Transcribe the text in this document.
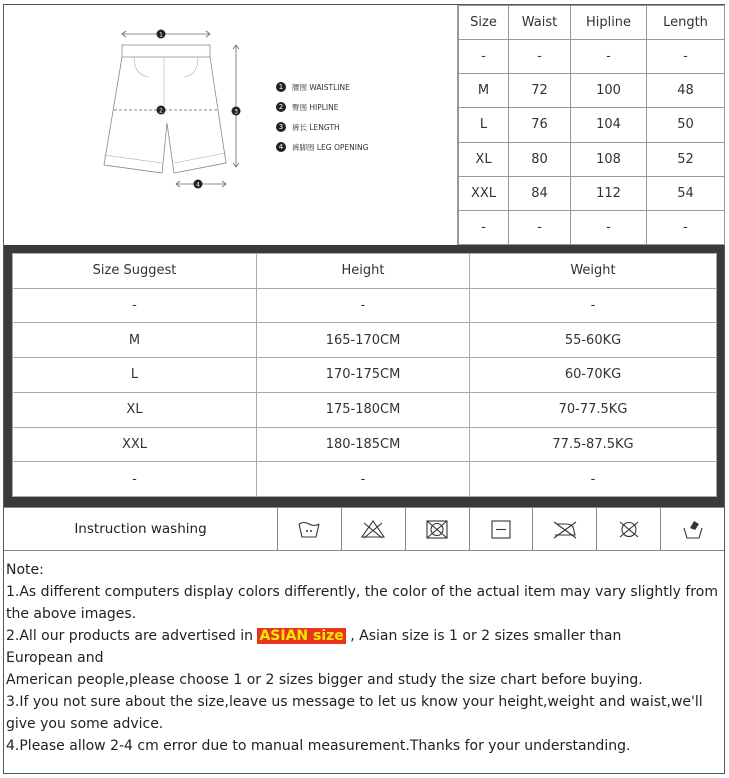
1
2	3
4
1	腰围 WAISTLINE
2	臀围 HIPLINE
3	裤长 LENGTH
4	裤脚围 LEG OPENING
Size	Waist	Hipline	Length
-	-	-	-
M	72	100	48
L	76	104	50
XL	80	108	52
XXL	84	112	54
-	-	-	-
Size Suggest	Height	Weight
-	-	-
M	165-170CM	55-60KG
L	170-175CM	60-70KG
XL	175-180CM	70-77.5KG
XXL	180-185CM	77.5-87.5KG
-	-	-
Instruction washing

Note:

1.As different computers display colors differently, the color of the actual item may vary slightly from the above images.

2.All our products are advertised in ASIAN size , Asian size is 1 or 2 sizes smaller than

European and

American people,please choose 1 or 2 sizes bigger and study the size chart before buying.

3.If you not sure about the size,leave us message to let us know your height,weight and waist,we'll give you some advice.

4.Please allow 2-4 cm error due to manual measurement.Thanks for your understanding.
